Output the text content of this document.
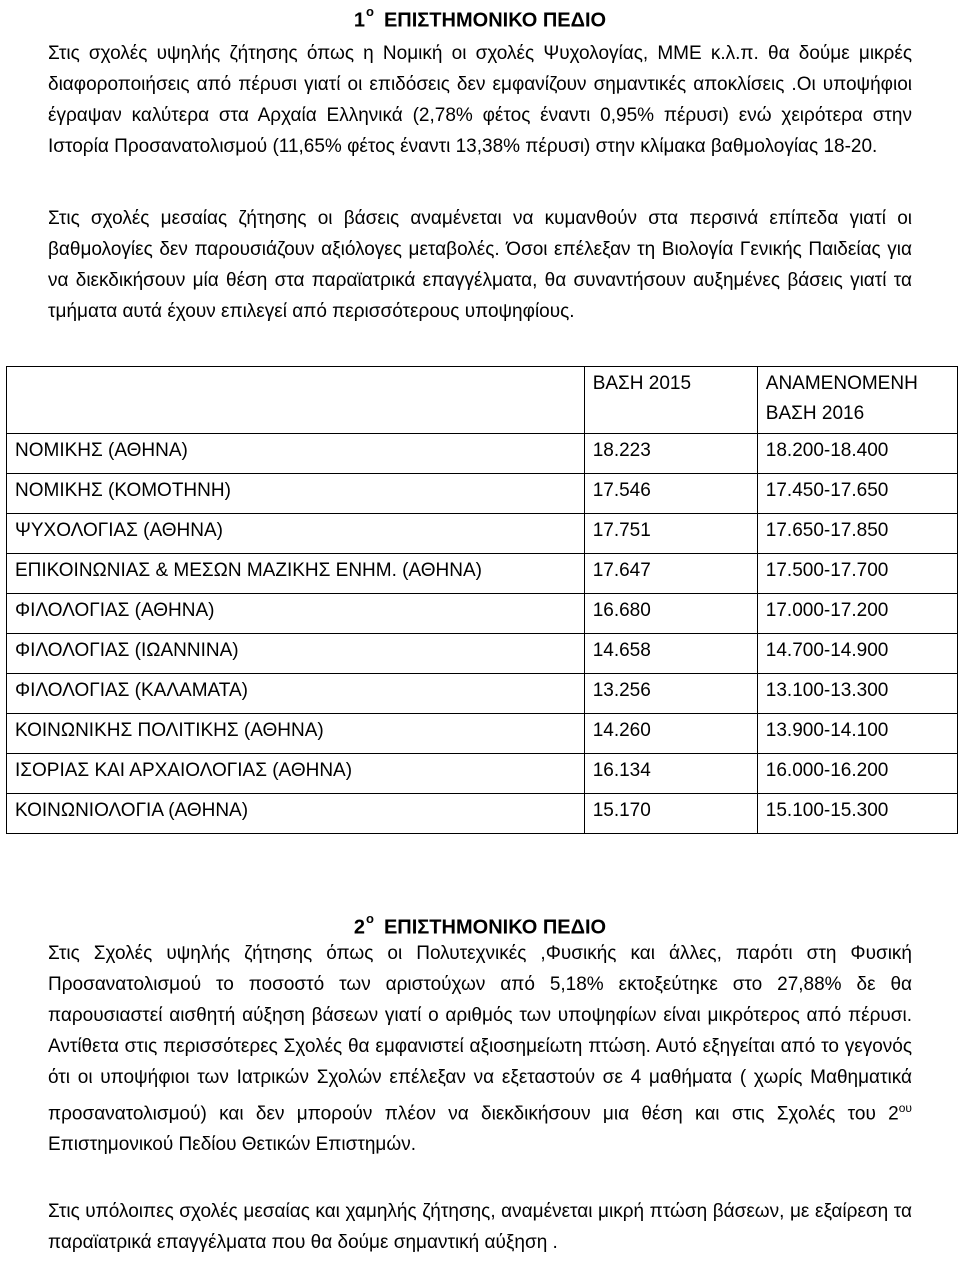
$1^o$ ΕΠΙΣΤΗΜΟΝΙΚΟ ΠΕΔΙΟ

Στις σχολές υψηλής ζήτησης όπως η Νομική οι σχολές Ψυχολογίας, ΜΜΕ κ.λ.π. θα δούμε μικρές διαφοροποιήσεις από πέρυσι γιατί οι επιδόσεις δεν εμφανίζουν σημαντικές αποκλίσεις .Οι υποψήφιοι έγραψαν καλύτερα στα Αρχαία Ελληνικά (2,78% φέτος έναντι 0,95% πέρυσι) ενώ χειρότερα στην Ιστορία Προσανατολισμού (11,65% φέτος έναντι 13,38% πέρυσι) στην κλίμακα βαθμολογίας 18-20.

Στις σχολές μεσαίας ζήτησης οι βάσεις αναμένεται να κυμανθούν στα περσινά επίπεδα γιατί οι βαθμολογίες δεν παρουσιάζουν αξιόλογες μεταβολές. Όσοι επέλεξαν τη Βιολογία Γενικής Παιδείας για να διεκδικήσουν μία θέση στα παραϊατρικά επαγγέλματα, θα συναντήσουν αυξημένες βάσεις γιατί τα τμήματα αυτά έχουν επιλεγεί από περισσότερους υποψηφίους.

	ΒΑΣΗ 2015	ΑΝΑΜΕΝΟΜΕΝΗ ΒΑΣΗ 2016
ΝΟΜΙΚΗΣ (ΑΘΗΝΑ)	18.223	18.200-18.400
ΝΟΜΙΚΗΣ (ΚΟΜΟΤΗΝΗ)	17.546	17.450-17.650
ΨΥΧΟΛΟΓΙΑΣ (ΑΘΗΝΑ)	17.751	17.650-17.850
ΕΠΙΚΟΙΝΩΝΙΑΣ & ΜΕΣΩΝ ΜΑΖΙΚΗΣ ΕΝΗΜ. (ΑΘΗΝΑ)	17.647	17.500-17.700
ΦΙΛΟΛΟΓΙΑΣ (ΑΘΗΝΑ)	16.680	17.000-17.200
ΦΙΛΟΛΟΓΙΑΣ (ΙΩΑΝΝΙΝΑ)	14.658	14.700-14.900
ΦΙΛΟΛΟΓΙΑΣ (ΚΑΛΑΜΑΤΑ)	13.256	13.100-13.300
ΚΟΙΝΩΝΙΚΗΣ ΠΟΛΙΤΙΚΗΣ (ΑΘΗΝΑ)	14.260	13.900-14.100
ΙΣΟΡΙΑΣ ΚΑΙ ΑΡΧΑΙΟΛΟΓΙΑΣ (ΑΘΗΝΑ)	16.134	16.000-16.200
ΚΟΙΝΩΝΙΟΛΟΓΙΑ (ΑΘΗΝΑ)	15.170	15.100-15.300
$2^o$ ΕΠΙΣΤΗΜΟΝΙΚΟ ΠΕΔΙΟ

Στις Σχολές υψηλής ζήτησης όπως οι Πολυτεχνικές ,Φυσικής και άλλες, παρότι στη Φυσική Προσανατολισμού το ποσοστό των αριστούχων από 5,18% εκτοξεύτηκε στο 27,88% δε θα παρουσιαστεί αισθητή αύξηση βάσεων γιατί ο αριθμός των υποψηφίων είναι μικρότερος από πέρυσι. Αντίθετα στις περισσότερες Σχολές θα εμφανιστεί αξιοσημείωτη πτώση. Αυτό εξηγείται από το γεγονός ότι οι υποψήφιοι των Ιατρικών Σχολών επέλεξαν να εξεταστούν σε 4 μαθήματα ( χωρίς Μαθηματικά προσανατολισμού) και δεν μπορούν πλέον να διεκδικήσουν μια θέση και στις Σχολές του $2^{o\upsilon}$ Επιστημονικού Πεδίου Θετικών Επιστημών.

Στις υπόλοιπες σχολές μεσαίας και χαμηλής ζήτησης, αναμένεται μικρή πτώση βάσεων, με εξαίρεση τα παραϊατρικά επαγγέλματα που θα δούμε σημαντική αύξηση .
